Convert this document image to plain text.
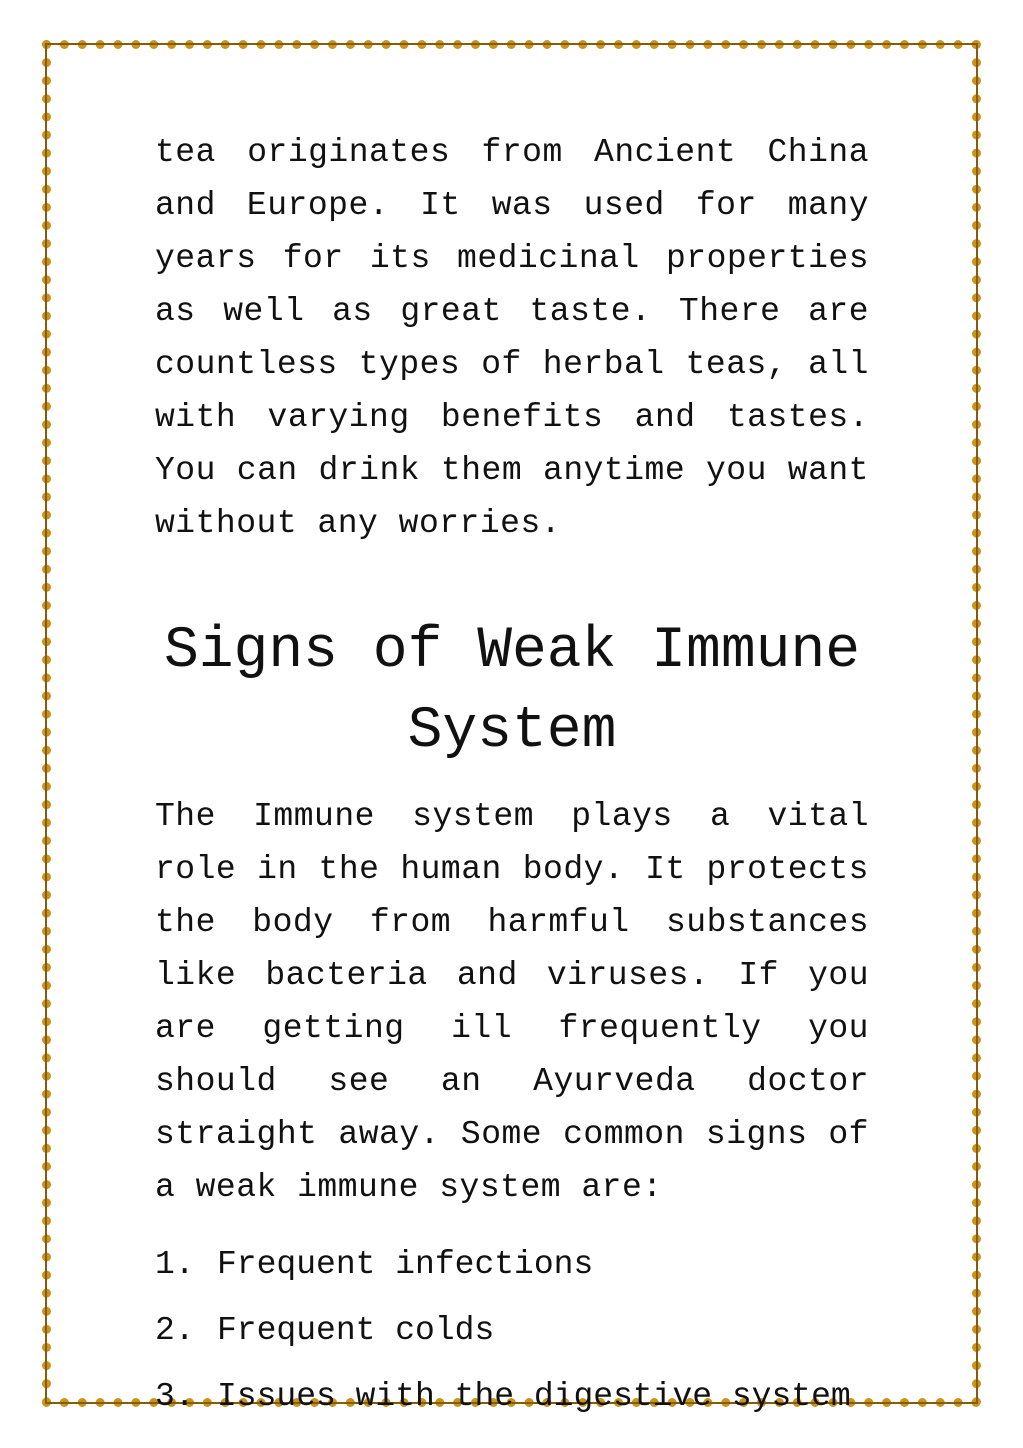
tea originates from Ancient China and Europe. It was used for many years for its medicinal properties as well as great taste. There are countless types of herbal teas, all with varying benefits and tastes. You can drink them anytime you want without any worries.

Signs of Weak Immune System

The Immune system plays a vital role in the human body. It protects the body from harmful substances like bacteria and viruses. If you are getting ill frequently you should see an Ayurveda doctor straight away. Some common signs of a weak immune system are:

1. Frequent infections
2. Frequent colds
3. Issues with the digestive system
